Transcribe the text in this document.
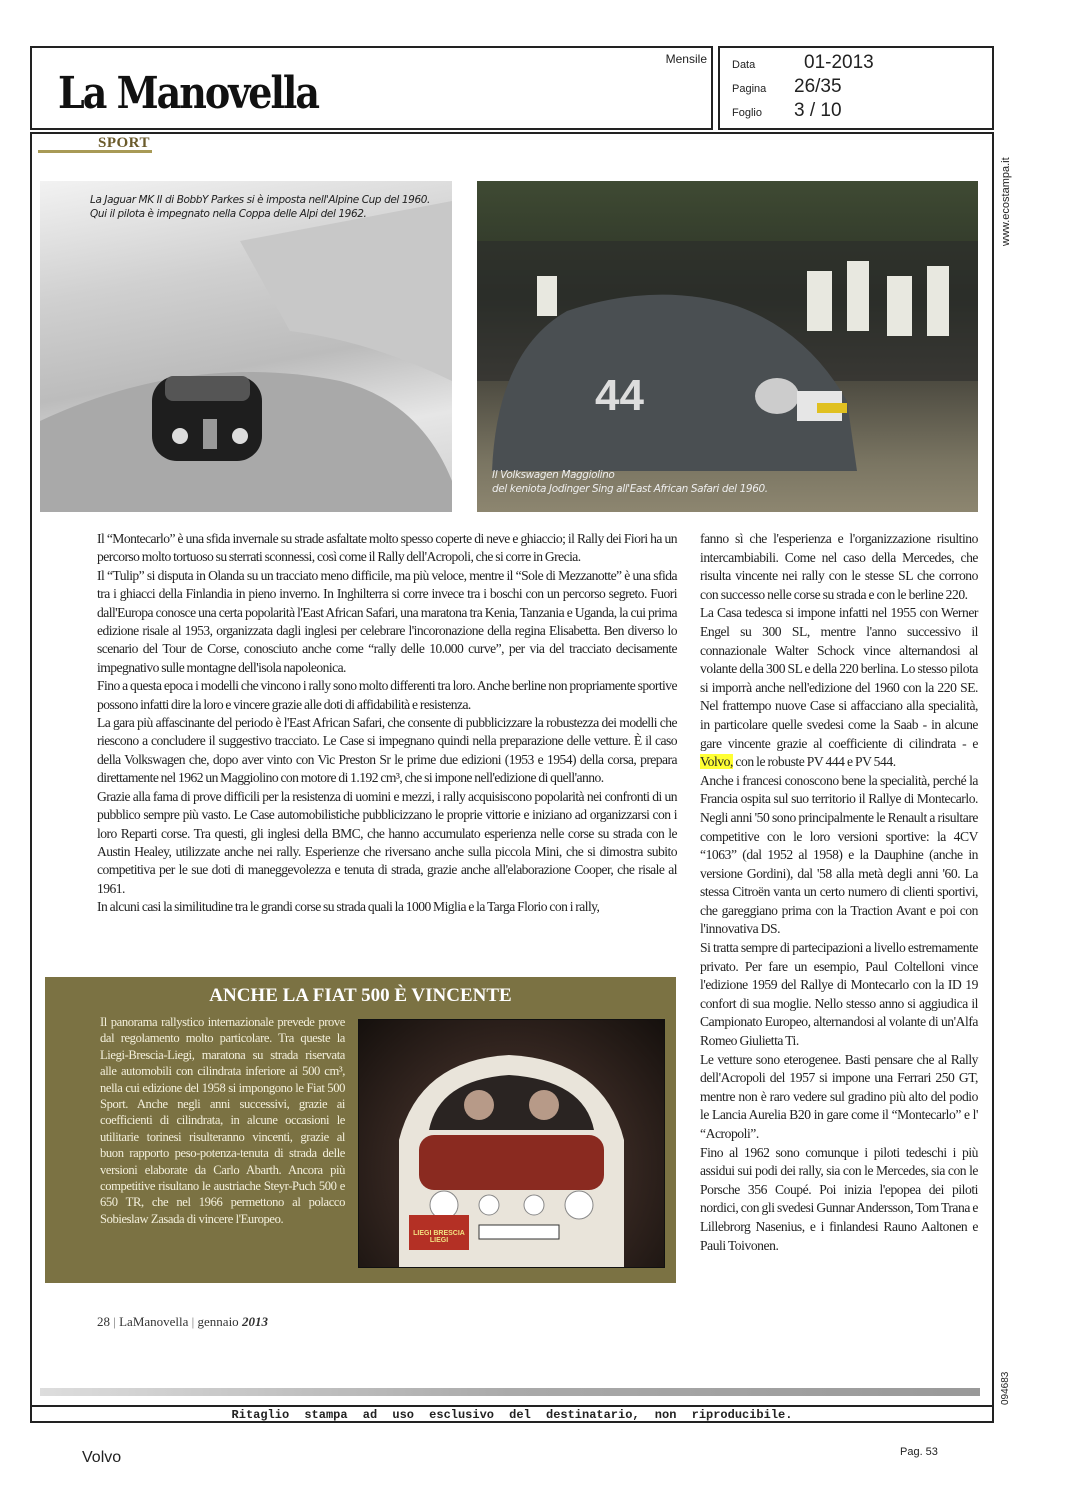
La Manovella
Mensile Data	01-2013
Pagina	26/35
Foglio	3 / 10
SPORT
La Jaguar MK II di BobbY Parkes si è imposta nell'Alpine Cup del 1960. Qui il pilota è impegnato nella Coppa delle Alpi del 1962.
44
Il Volkswagen Maggiolino
del keniota Jodinger Sing all'East African Safari del 1960.

Il “Montecarlo” è una sfida invernale su strade asfaltate molto spesso coperte di neve e ghiaccio; il Rally dei Fiori ha un percorso molto tortuoso su sterrati sconnessi, così come il Rally dell'Acropoli, che si corre in Grecia.

Il “Tulip” si disputa in Olanda su un tracciato meno difficile, ma più veloce, mentre il “Sole di Mezzanotte” è una sfida tra i ghiacci della Finlandia in pieno inverno. In Inghilterra si corre invece tra i boschi con un percorso segreto. Fuori dall'Europa conosce una certa popolarità l'East African Safari, una maratona tra Kenia, Tanzania e Uganda, la cui prima edizione risale al 1953, organizzata dagli inglesi per celebrare l'incoronazione della regina Elisabetta. Ben diverso lo scenario del Tour de Corse, conosciuto anche come “rally delle 10.000 curve”, per via del tracciato decisamente impegnativo sulle montagne dell'isola napoleonica.

Fino a questa epoca i modelli che vincono i rally sono molto differenti tra loro. Anche berline non propriamente sportive possono infatti dire la loro e vincere grazie alle doti di affidabilità e resistenza.

La gara più affascinante del periodo è l'East African Safari, che consente di pubblicizzare la robustezza dei modelli che riescono a concludere il suggestivo tracciato. Le Case si impegnano quindi nella preparazione delle vetture. È il caso della Volkswagen che, dopo aver vinto con Vic Preston Sr le prime due edizioni (1953 e 1954) della corsa, prepara direttamente nel 1962 un Maggiolino con motore di 1.192 cm³, che si impone nell'edizione di quell'anno.

Grazie alla fama di prove difficili per la resistenza di uomini e mezzi, i rally acquisiscono popolarità nei confronti di un pubblico sempre più vasto. Le Case automobilistiche pubblicizzano le proprie vittorie e iniziano ad organizzarsi con i loro Reparti corse. Tra questi, gli inglesi della BMC, che hanno accumulato esperienza nelle corse su strada con le Austin Healey, utilizzate anche nei rally. Esperienze che riversano anche sulla piccola Mini, che si dimostra subito competitiva per le sue doti di maneggevolezza e tenuta di strada, grazie anche all'elaborazione Cooper, che risale al 1961.

In alcuni casi la similitudine tra le grandi corse su strada quali la 1000 Miglia e la Targa Florio con i rally,

fanno sì che l'esperienza e l'organizzazione risultino intercambiabili. Come nel caso della Mercedes, che risulta vincente nei rally con le stesse SL che corrono con successo nelle corse su strada e con le berline 220.

La Casa tedesca si impone infatti nel 1955 con Werner Engel su 300 SL, mentre l'anno successivo il connazionale Walter Schock vince alternandosi al volante della 300 SL e della 220 berlina. Lo stesso pilota si imporrà anche nell'edizione del 1960 con la 220 SE. Nel frattempo nuove Case si affacciano alla specialità, in particolare quelle svedesi come la Saab - in alcune gare vincente grazie al coefficiente di cilindrata - e Volvo, con le robuste PV 444 e PV 544.

Anche i francesi conoscono bene la specialità, perché la Francia ospita sul suo territorio il Rallye di Montecarlo. Negli anni '50 sono principalmente le Renault a risultare competitive con le loro versioni sportive: la 4CV “1063” (dal 1952 al 1958) e la Dauphine (anche in versione Gordini), dal '58 alla metà degli anni '60. La stessa Citroën vanta un certo numero di clienti sportivi, che gareggiano prima con la Traction Avant e poi con l'innovativa DS.

Si tratta sempre di partecipazioni a livello estremamente privato. Per fare un esempio, Paul Coltelloni vince l'edizione 1959 del Rallye di Montecarlo con la ID 19 confort di sua moglie. Nello stesso anno si aggiudica il Campionato Europeo, alternandosi al volante di un'Alfa Romeo Giulietta Ti.

Le vetture sono eterogenee. Basti pensare che al Rally dell'Acropoli del 1957 si impone una Ferrari 250 GT, mentre non è raro vedere sul gradino più alto del podio le Lancia Aurelia B20 in gare come il “Montecarlo” e l' “Acropoli”.

Fino al 1962 sono comunque i piloti tedeschi i più assidui sui podi dei rally, sia con le Mercedes, sia con le Porsche 356 Coupé. Poi inizia l'epopea dei piloti nordici, con gli svedesi Gunnar Andersson, Tom Trana e Lillebrorg Nasenius, e i finlandesi Rauno Aaltonen e Pauli Toivonen.

ANCHE LA FIAT 500 È VINCENTE
Il panorama rallystico internazionale prevede prove dal regolamento molto particolare. Tra queste la Liegi-Brescia-Liegi, maratona su strada riservata alle automobili con cilindrata inferiore ai 500 cm³, nella cui edizione del 1958 si impongono le Fiat 500 Sport. Anche negli anni successivi, grazie ai coefficienti di cilindrata, in alcune occasioni le utilitarie torinesi risulteranno vincenti, grazie al buon rapporto peso-potenza-tenuta di strada delle versioni elaborate da Carlo Abarth. Ancora più competitive risultano le austriache Steyr-Puch 500 e 650 TR, che nel 1966 permettono al polacco Sobieslaw Zasada di vincere l'Europeo.
LIEGI BRESCIA LIEGI
28 | LaManovella | gennaio 2013
Ritaglio stampa ad uso esclusivo del destinatario, non riproducibile.
www.ecostampa.it
094683
Volvo	Pag. 53
